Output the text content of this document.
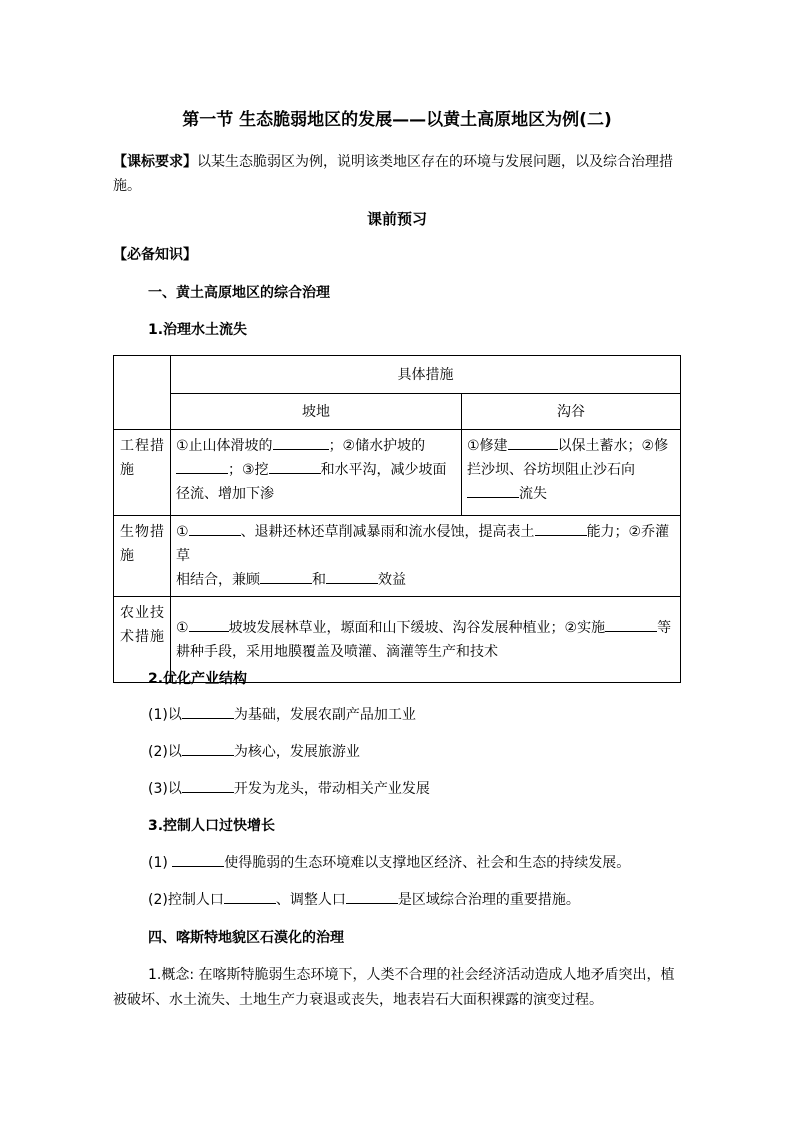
第一节 生态脆弱地区的发展——以黄土高原地区为例(二)
【课标要求】以某生态脆弱区为例，说明该类地区存在的环境与发展问题，以及综合治理措
施。
课前预习
【必备知识】
一、黄土高原地区的综合治理
1.治理水土流失
	具体措施	
	坡地	沟谷
工程措施	①止山体滑坡的 ；②储水护坡的
；③挖 和水平沟，减少坡面
径流、增加下渗	①修建 以保土蓄水；②修
拦沙坝、谷坊坝阻止沙石向
流失
生物措施	① 、退耕还林还草削减暴雨和流水侵蚀，提高表土 能力；②乔灌草
相结合，兼顾 和 效益	
农业技术措施	① 坡坡发展林草业，塬面和山下缓坡、沟谷发展种植业；②实施 等
耕种手段，采用地膜覆盖及喷灌、滴灌等生产和技术	
2.优化产业结构
(1)以	为基础，发展农副产品加工业
(2)以	为核心，发展旅游业
(3)以	开发为龙头，带动相关产业发展
3.控制人口过快增长
(1)	使得脆弱的生态环境难以支撑地区经济、社会和生态的持续发展。
(2)控制人口	、调整人口	是区域综合治理的重要措施。
四、喀斯特地貌区石漠化的治理
1.概念: 在喀斯特脆弱生态环境下，人类不合理的社会经济活动造成人地矛盾突出，植
被破坏、水土流失、土地生产力衰退或丧失，地表岩石大面积裸露的演变过程。
